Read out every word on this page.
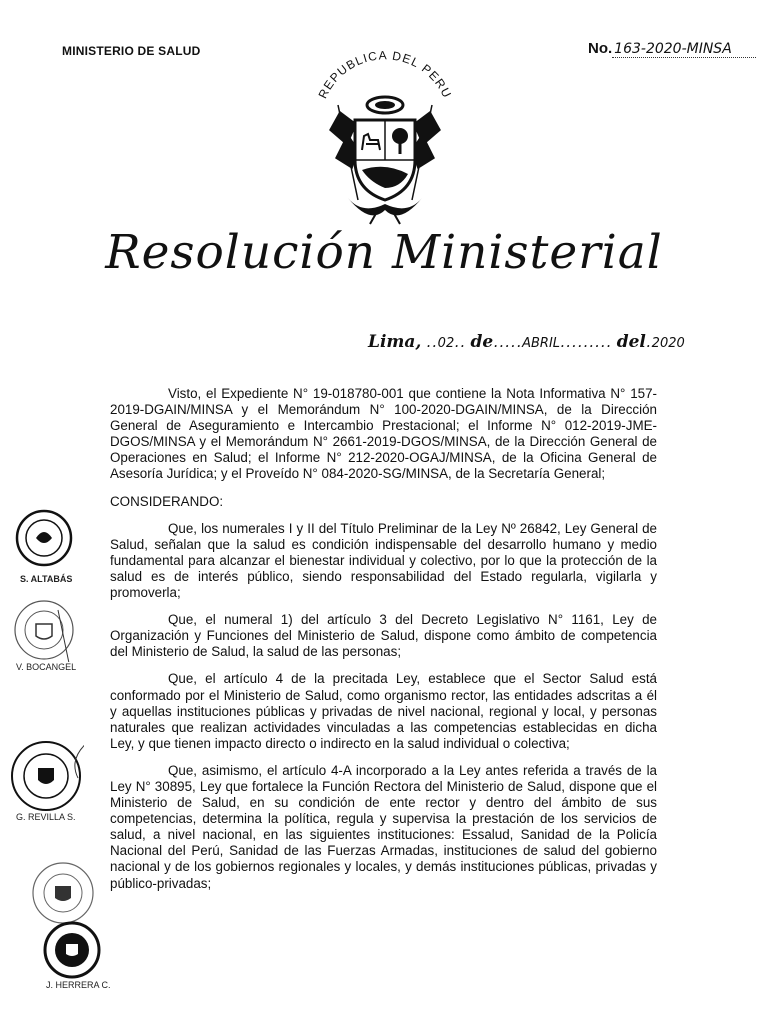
MINISTERIO DE SALUD	No. 163-2020-MINSA
REPUBLICA DEL PERU
Resolución Ministerial
Lima, ..02.. de.....ABRIL......... del.2020

Visto, el Expediente N° 19-018780-001 que contiene la Nota Informativa N° 157-2019-DGAIN/MINSA y el Memorándum N° 100-2020-DGAIN/MINSA, de la Dirección General de Aseguramiento e Intercambio Prestacional; el Informe N° 012-2019-JME-DGOS/MINSA y el Memorándum N° 2661-2019-DGOS/MINSA, de la Dirección General de Operaciones en Salud; el Informe N° 212-2020-OGAJ/MINSA, de la Oficina General de Asesoría Jurídica; y el Proveído N° 084-2020-SG/MINSA, de la Secretaría General;

CONSIDERANDO:

Que, los numerales I y II del Título Preliminar de la Ley Nº 26842, Ley General de Salud, señalan que la salud es condición indispensable del desarrollo humano y medio fundamental para alcanzar el bienestar individual y colectivo, por lo que la protección de la salud es de interés público, siendo responsabilidad del Estado regularla, vigilarla y promoverla;

Que, el numeral 1) del artículo 3 del Decreto Legislativo N° 1161, Ley de Organización y Funciones del Ministerio de Salud, dispone como ámbito de competencia del Ministerio de Salud, la salud de las personas;

Que, el artículo 4 de la precitada Ley, establece que el Sector Salud está conformado por el Ministerio de Salud, como organismo rector, las entidades adscritas a él y aquellas instituciones públicas y privadas de nivel nacional, regional y local, y personas naturales que realizan actividades vinculadas a las competencias establecidas en dicha Ley, y que tienen impacto directo o indirecto en la salud individual o colectiva;

Que, asimismo, el artículo 4-A incorporado a la Ley antes referida a través de la Ley N° 30895, Ley que fortalece la Función Rectora del Ministerio de Salud, dispone que el Ministerio de Salud, en su condición de ente rector y dentro del ámbito de sus competencias, determina la política, regula y supervisa la prestación de los servicios de salud, a nivel nacional, en las siguientes instituciones: Essalud, Sanidad de la Policía Nacional del Perú, Sanidad de las Fuerzas Armadas, instituciones de salud del gobierno nacional y de los gobiernos regionales y locales, y demás instituciones públicas, privadas y público-privadas;

S. ALTABÁS
V. BOCANGEL
G. REVILLA S.
J. HERRERA C.
